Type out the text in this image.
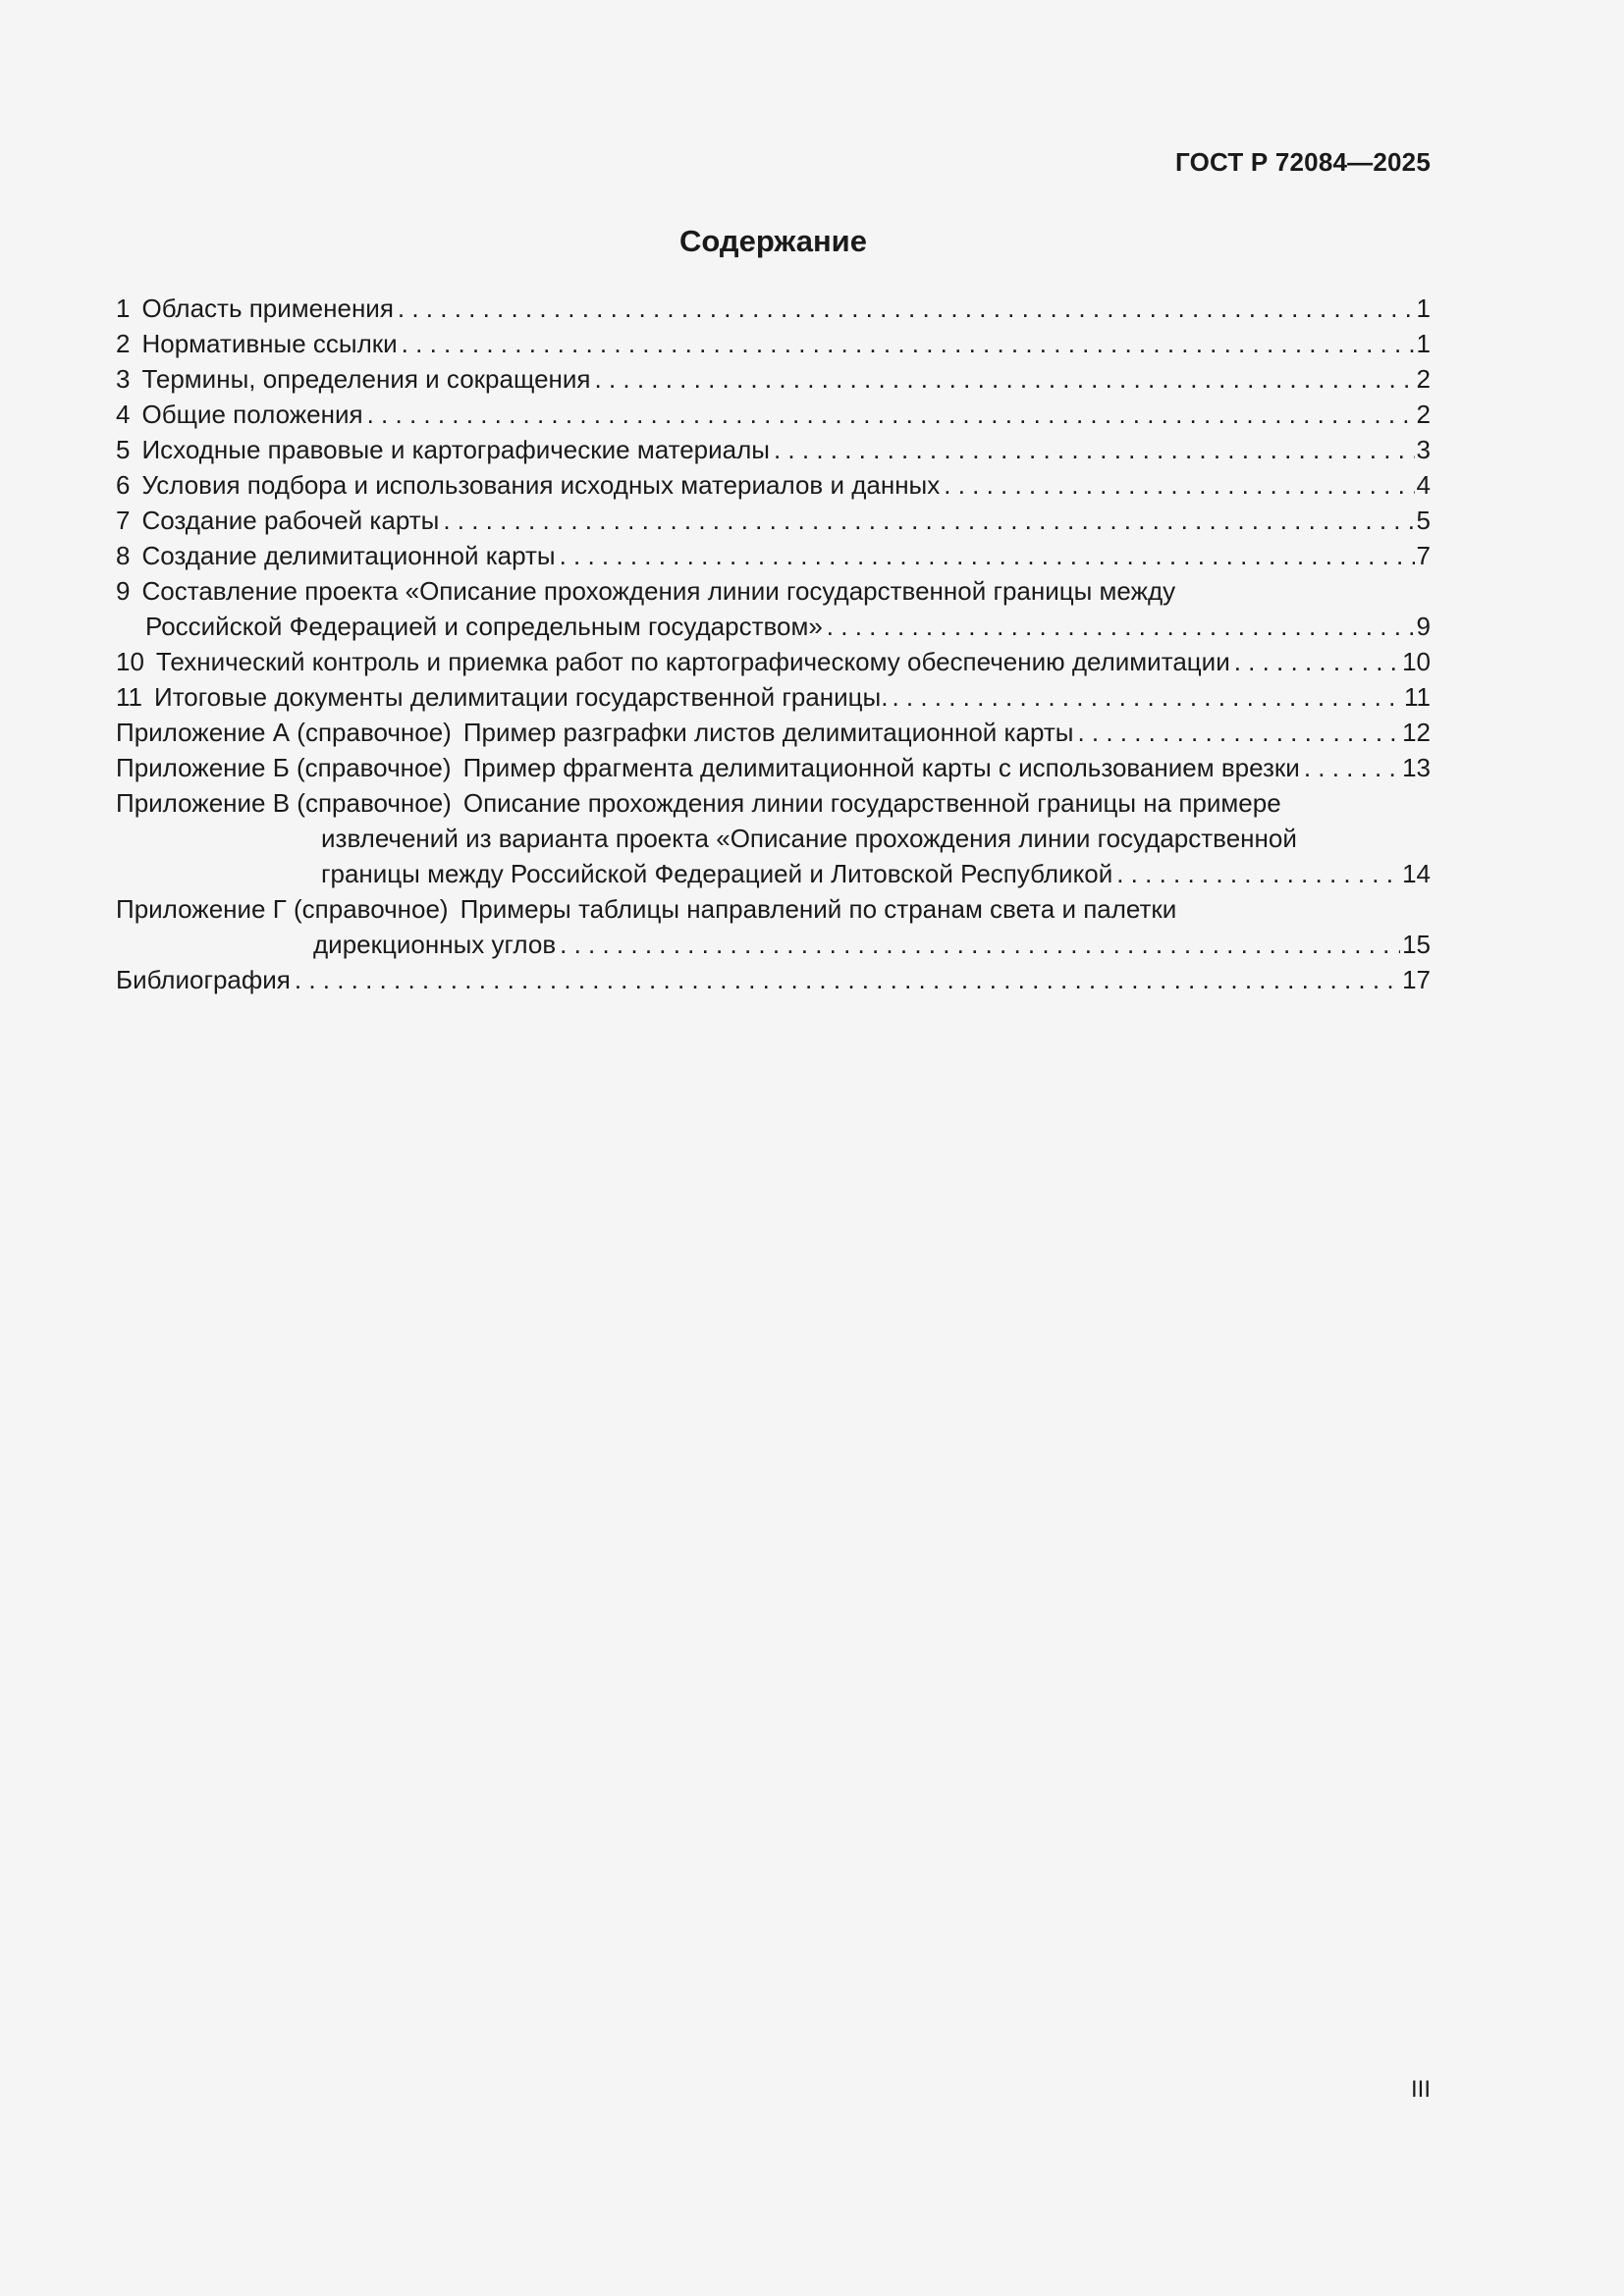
ГОСТ Р 72084—2025
Содержание
1 Область применения . . .	1
2 Нормативные ссылки . . .	1
3 Термины, определения и сокращения . . .	2
4 Общие положения . . .	2
5 Исходные правовые и картографические материалы . . .	3
6 Условия подбора и использования исходных материалов и данных . . .	4
7 Создание рабочей карты . . .	5
8 Создание делимитационной карты . . .	7
9 Составление проекта «Описание прохождения линии государственной границы между
Российской Федерацией и сопредельным государством» . . .	9
10 Технический контроль и приемка работ по картографическому обеспечению делимитации . . .	10
11 Итоговые документы делимитации государственной границы. . . .	11
Приложение А (справочное) Пример разграфки листов делимитационной карты . . .	12
Приложение Б (справочное) Пример фрагмента делимитационной карты с использованием врезки . . .	13
Приложение В (справочное) Описание прохождения линии государственной границы на примере
извлечений из варианта проекта «Описание прохождения линии государственной
границы между Российской Федерацией и Литовской Республикой . . .	14
Приложение Г (справочное) Примеры таблицы направлений по странам света и палетки
дирекционных углов . . .	15
Библиография . . .	17
III
